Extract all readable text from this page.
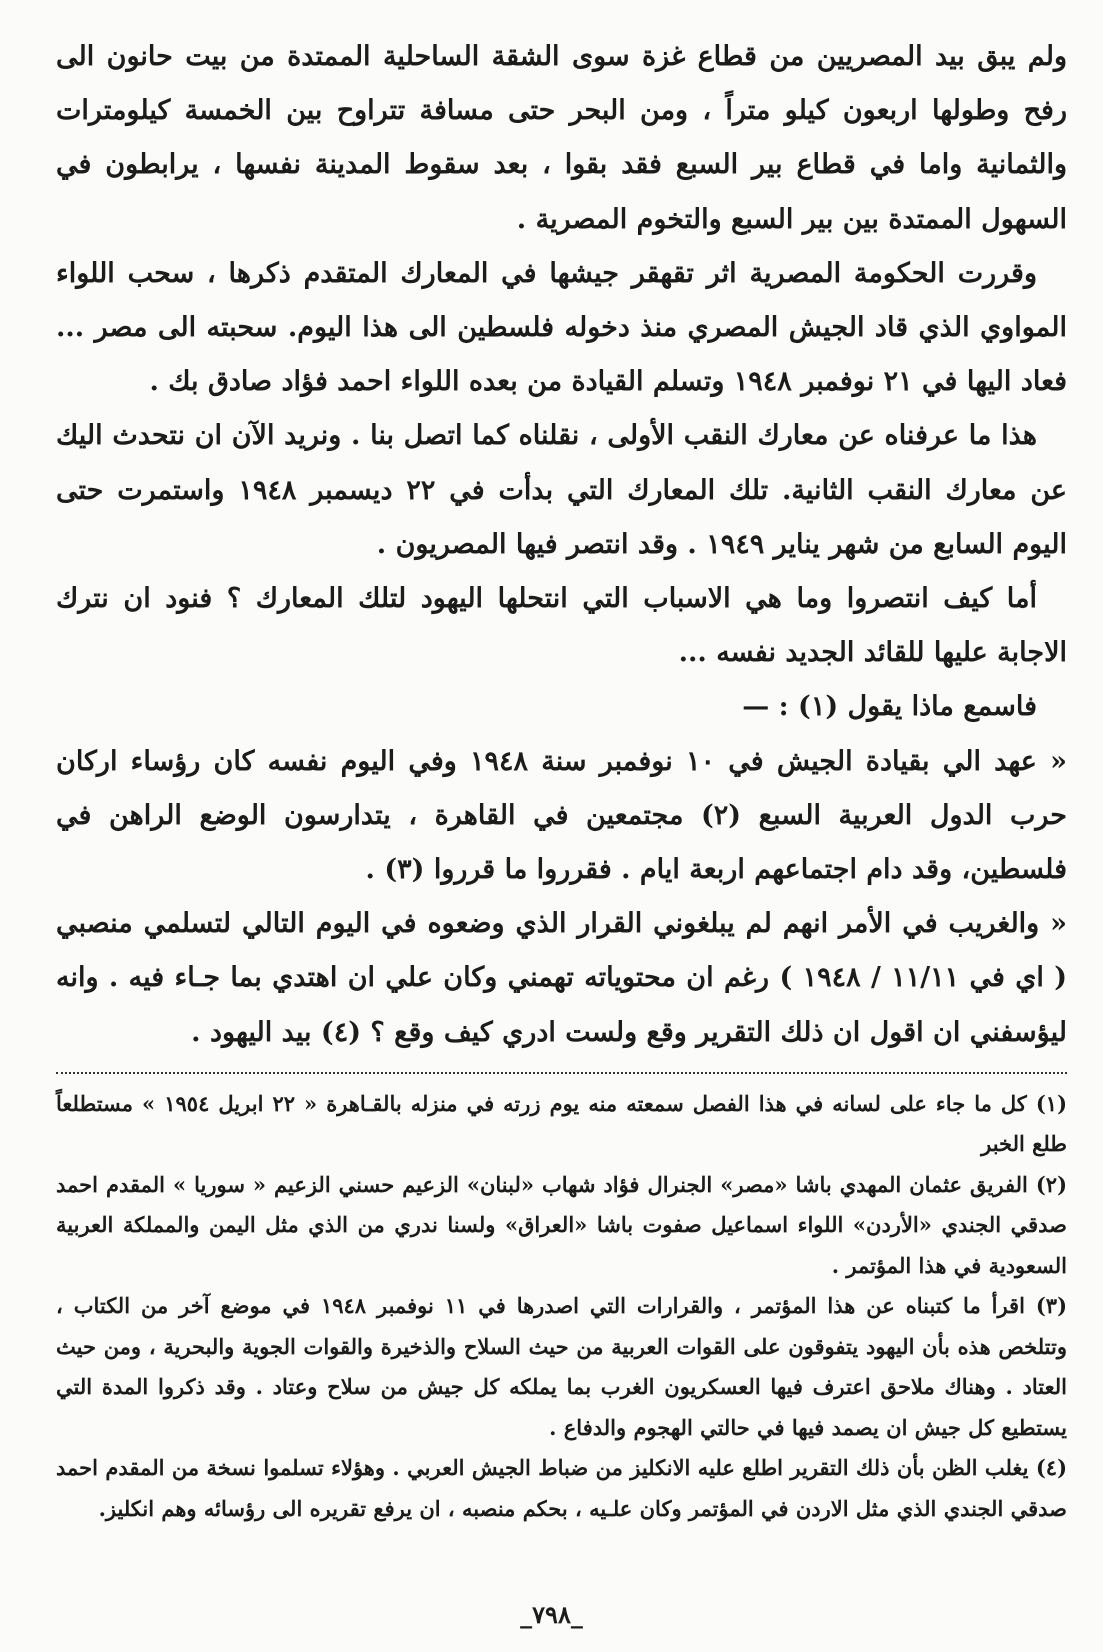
ولم يبق بيد المصريين من قطاع غزة سوى الشقة الساحلية الممتدة من بيت حانون الى رفح وطولها اربعون كيلو متراً ، ومن البحر حتى مسافة تتراوح بين الخمسة كيلومترات والثمانية واما في قطاع بير السبع فقد بقوا ، بعد سقوط المدينة نفسها ، يرابطون في السهول الممتدة بين بير السبع والتخوم المصرية .

وقررت الحكومة المصرية اثر تقهقر جيشها في المعارك المتقدم ذكرها ، سحب اللواء المواوي الذي قاد الجيش المصري منذ دخوله فلسطين الى هذا اليوم. سحبته الى مصر ... فعاد اليها في ٢١ نوفمبر ١٩٤٨ وتسلم القيادة من بعده اللواء احمد فؤاد صادق بك .

هذا ما عرفناه عن معارك النقب الأولى ، نقلناه كما اتصل بنا . ونريد الآن ان نتحدث اليك عن معارك النقب الثانية. تلك المعارك التي بدأت في ٢٢ ديسمبر ١٩٤٨ واستمرت حتى اليوم السابع من شهر يناير ١٩٤٩ . وقد انتصر فيها المصريون .

أما كيف انتصروا وما هي الاسباب التي انتحلها اليهود لتلك المعارك ؟ فنود ان نترك الاجابة عليها للقائد الجديد نفسه ...

فاسمع ماذا يقول (١) : —

« عهد الي بقيادة الجيش في ١٠ نوفمبر سنة ١٩٤٨ وفي اليوم نفسه كان رؤساء اركان حرب الدول العربية السبع (٢) مجتمعين في القاهرة ، يتدارسون الوضع الراهن في فلسطين، وقد دام اجتماعهم اربعة ايام . فقرروا ما قرروا (٣) .

« والغريب في الأمر انهم لم يبلغوني القرار الذي وضعوه في اليوم التالي لتسلمي منصبي ( اي في ١١/١١ / ١٩٤٨ ) رغم ان محتوياته تهمني وكان علي ان اهتدي بما جـاء فيه . وانه ليؤسفني ان اقول ان ذلك التقرير وقع ولست ادري كيف وقع ؟ (٤) بيد اليهود .

(١) كل ما جاء على لسانه في هذا الفصل سمعته منه يوم زرته في منزله بالقـاهرة « ٢٢ ابريل ١٩٥٤ » مستطلعاً طلع الخبر

(٢) الفريق عثمان المهدي باشا «مصر» الجنرال فؤاد شهاب «لبنان» الزعيم حسني الزعيم « سوريا » المقدم احمد صدقي الجندي «الأردن» اللواء اسماعيل صفوت باشا «العراق» ولسنا ندري من الذي مثل اليمن والمملكة العربية السعودية في هذا المؤتمر .

(٣) اقرأ ما كتبناه عن هذا المؤتمر ، والقرارات التي اصدرها في ١١ نوفمبر ١٩٤٨ في موضع آخر من الكتاب ، وتتلخص هذه بأن اليهود يتفوقون على القوات العربية من حيث السلاح والذخيرة والقوات الجوية والبحرية ، ومن حيث العتاد . وهناك ملاحق اعترف فيها العسكريون الغرب بما يملكه كل جيش من سلاح وعتاد . وقد ذكروا المدة التي يستطيع كل جيش ان يصمد فيها في حالتي الهجوم والدفاع .

(٤) يغلب الظن بأن ذلك التقرير اطلع عليه الانكليز من ضباط الجيش العربي . وهؤلاء تسلموا نسخة من المقدم احمد صدقي الجندي الذي مثل الاردن في المؤتمر وكان علـيه ، بحكم منصبه ، ان يرفع تقريره الى رؤسائه وهم انكليز.

_٧٩٨_
